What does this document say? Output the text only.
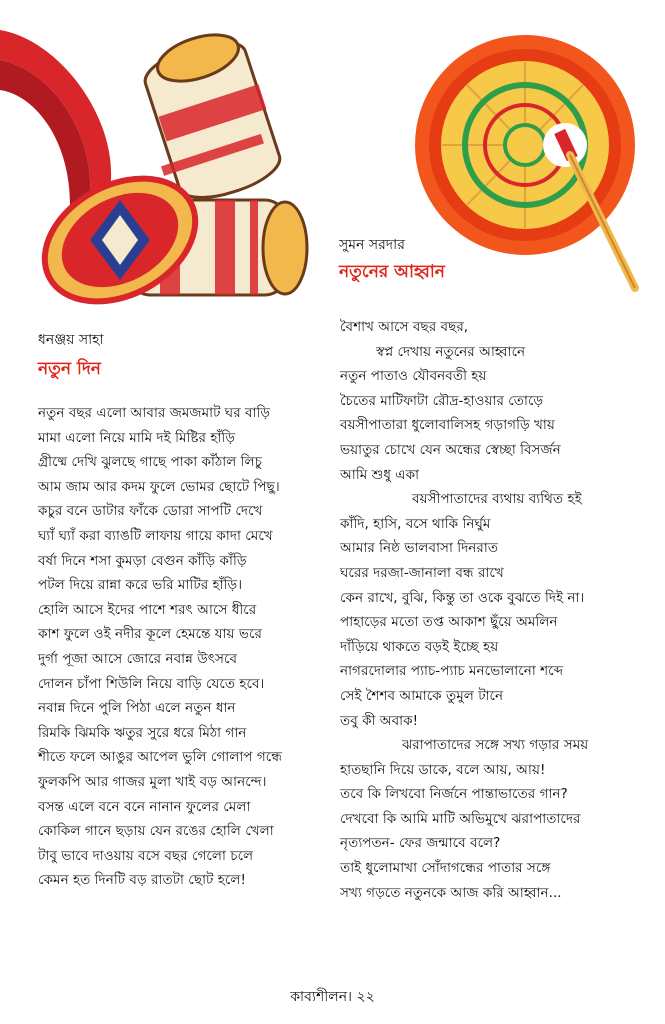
সুমন সরদার
নতুনের আহ্বান
ধনঞ্জয় সাহা
নতুন দিন
নতুন বছর এলো আবার জমজমাট ঘর বাড়ি
মামা এলো নিয়ে মামি দই মিষ্টির হাঁড়ি
গ্রীষ্মে দেখি ঝুলছে গাছে পাকা কাঁঠাল লিচু
আম জাম আর কদম ফুলে ভোমর ছোটে পিছু।
কচুর বনে ডাটার ফাঁকে ডোরা সাপটি দেখে
ঘ্যাঁ ঘ্যাঁ করা ব্যাঙটি লাফায় গায়ে কাদা মেখে
বর্ষা দিনে শসা কুমড়া বেগুন কাঁড়ি কাঁড়ি
পটল দিয়ে রান্না করে ভরি মাটির হাঁড়ি।
হোলি আসে ইদের পাশে শরৎ আসে ধীরে
কাশ ফুলে ওই নদীর কূলে হেমন্তে যায় ভরে
দুর্গা পূজা আসে জোরে নবান্ন উৎসবে
দোলন চাঁপা শিউলি নিয়ে বাড়ি যেতে হবে।
নবান্ন দিনে পুলি পিঠা এলে নতুন ধান
রিমকি ঝিমকি ঋতুর সুরে ধরে মিঠা গান
শীতে ফলে আঙুর আপেল ভুলি গোলাপ গন্ধে
ফুলকপি আর গাজর মুলা খাই বড় আনন্দে।
বসন্ত এলে বনে বনে নানান ফুলের মেলা
কোকিল গানে ছড়ায় যেন রঙের হোলি খেলা
টাবু ভাবে দাওয়ায় বসে বছর গেলো চলে
কেমন হত দিনটি বড় রাতটা ছোট হলে!
বৈশাখ আসে বছর বছর,
স্বপ্ন দেখায় নতুনের আহ্বানে
নতুন পাতাও যৌবনবতী হয়
চৈতের মাটিফাটা রৌদ্র-হাওয়ার তোড়ে
বয়সীপাতারা ধুলোবালিসহ গড়াগড়ি খায়
ভয়াতুর চোখে যেন অন্ধের স্বেচ্ছা বিসর্জন
আমি শুধু একা
বয়সীপাতাদের ব্যথায় ব্যথিত হই
কাঁদি, হাসি, বসে থাকি নির্ঘুম
আমার নিষ্ঠ ভালবাসা দিনরাত
ঘরের দরজা-জানালা বন্ধ রাখে
কেন রাখে, বুঝি, কিন্তু তা ওকে বুঝতে দিই না।
পাহাড়ের মতো তপ্ত আকাশ ছুঁয়ে অমলিন
দাঁড়িয়ে থাকতে বড়ই ইচ্ছে হয়
নাগরদোলার প্যাচ-প্যাচ মনভোলানো শব্দে
সেই শৈশব আমাকে তুমুল টানে
তবু কী অবাক!
ঝরাপাতাদের সঙ্গে সখ্য গড়ার সময়
হাতছানি দিয়ে ডাকে, বলে আয়, আয়!
তবে কি লিখবো নির্জনে পান্তাভাতের গান?
দেখবো কি আমি মাটি অভিমুখে ঝরাপাতাদের
নৃত্যপতন- ফের জন্মাবে বলে?
তাই ধুলোমাখা সোঁদাগন্ধের পাতার সঙ্গে
সখ্য গড়তে নতুনকে আজ করি আহ্বান...
কাব্যশীলন। ২২
